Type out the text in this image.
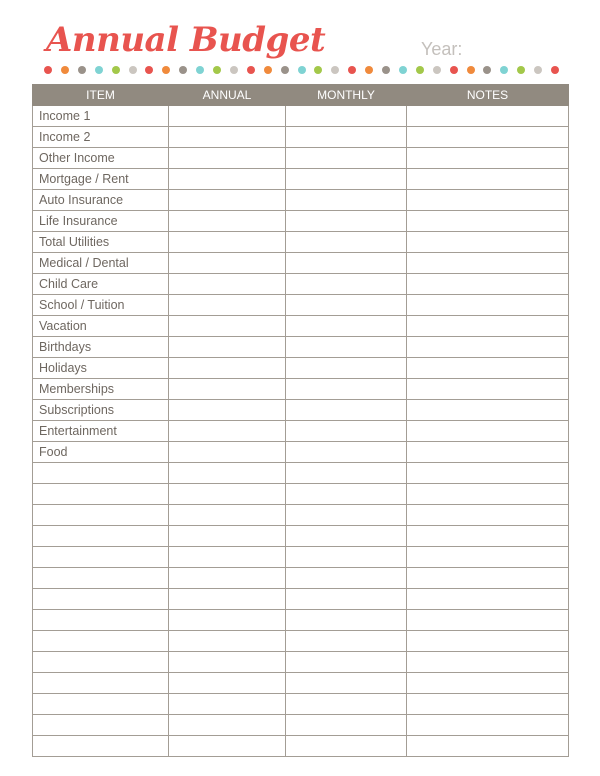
Annual Budget	Year:
ITEM	ANNUAL	MONTHLY	NOTES
Income 1			
Income 2			
Other Income			
Mortgage / Rent			
Auto Insurance			
Life Insurance			
Total Utilities			
Medical / Dental			
Child Care			
School / Tuition			
Vacation			
Birthdays			
Holidays			
Memberships			
Subscriptions			
Entertainment			
Food			
